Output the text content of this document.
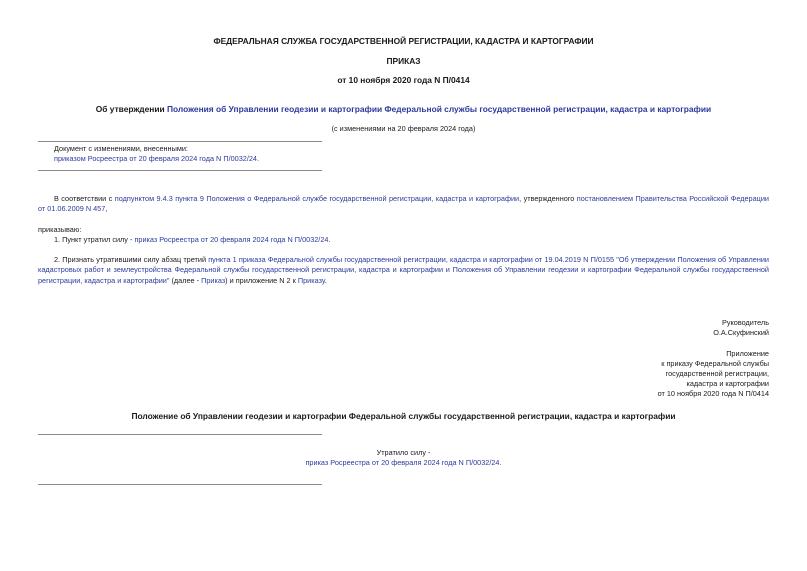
ФЕДЕРАЛЬНАЯ СЛУЖБА ГОСУДАРСТВЕННОЙ РЕГИСТРАЦИИ, КАДАСТРА И КАРТОГРАФИИ
ПРИКАЗ
от 10 ноября 2020 года N П/0414
Об утверждении Положения об Управлении геодезии и картографии Федеральной службы государственной регистрации, кадастра и картографии
(с изменениями на 20 февраля 2024 года)
Документ с изменениями, внесенными:
приказом Росреестра от 20 февраля 2024 года N П/0032/24.
В соответствии с подпунктом 9.4.3 пункта 9 Положения о Федеральной службе государственной регистрации, кадастра и картографии, утвержденного постановлением Правительства Российской Федерации от 01.06.2009 N 457,
приказываю:
1. Пункт утратил силу - приказ Росреестра от 20 февраля 2024 года N П/0032/24.
2. Признать утратившими силу абзац третий пункта 1 приказа Федеральной службы государственной регистрации, кадастра и картографии от 19.04.2019 N П/0155 "Об утверждении Положения об Управлении кадастровых работ и землеустройства Федеральной службы государственной регистрации, кадастра и картографии и Положения об Управлении геодезии и картографии Федеральной службы государственной регистрации, кадастра и картографии" (далее - Приказ) и приложение N 2 к Приказу.
Руководитель
О.А.Скуфинский
Приложение
к приказу Федеральной службы
государственной регистрации,
кадастра и картографии
от 10 ноября 2020 года N П/0414
Положение об Управлении геодезии и картографии Федеральной службы государственной регистрации, кадастра и картографии
Утратило силу -
приказ Росреестра от 20 февраля 2024 года N П/0032/24.
